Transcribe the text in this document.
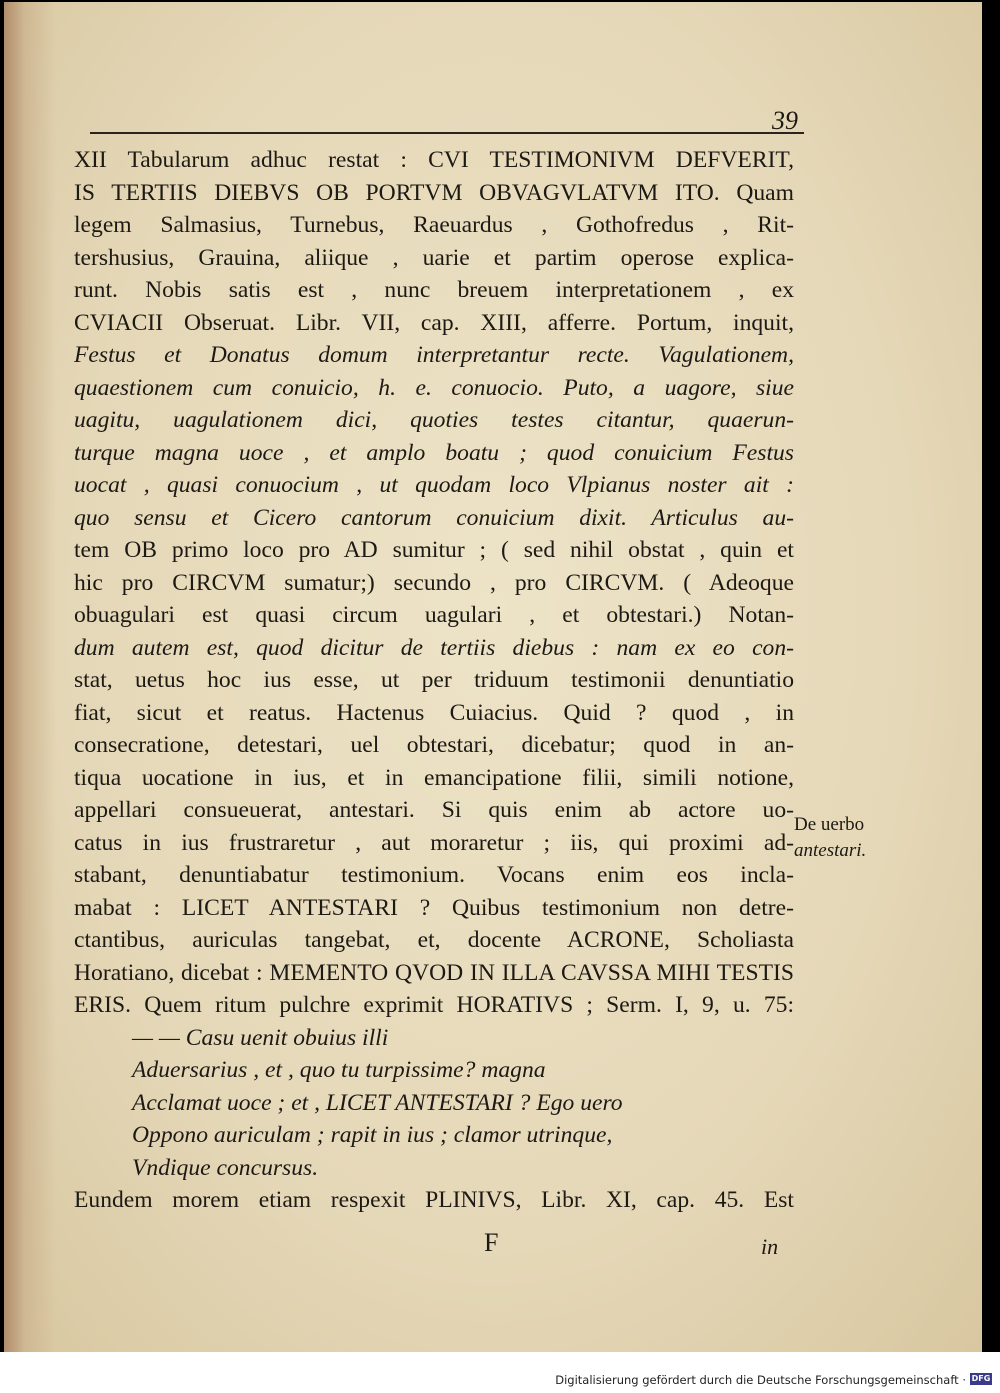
39
XII Tabularum adhuc restat : CVI TESTIMONIVM DEFVERIT,
IS TERTIIS DIEBVS OB PORTVM OBVAGVLATVM ITO. Quam
legem Salmasius, Turnebus, Raeuardus , Gothofredus , Rit-
tershusius, Grauina, aliique , uarie et partim operose explica-
runt. Nobis satis est , nunc breuem interpretationem , ex
CVIACII Obseruat. Libr. VII, cap. XIII, afferre. Portum, inquit,
Festus et Donatus domum interpretantur recte. Vagulationem,
quaestionem cum conuicio, h. e. conuocio. Puto, a uagore, siue
uagitu, uagulationem dici, quoties testes citantur, quaerun-
turque magna uoce , et amplo boatu ; quod conuicium Festus
uocat , quasi conuocium , ut quodam loco Vlpianus noster ait :
quo sensu et Cicero cantorum conuicium dixit. Articulus au-
tem OB primo loco pro AD sumitur ; ( sed nihil obstat , quin et
hic pro CIRCVM sumatur;) secundo , pro CIRCVM. ( Adeoque
obuagulari est quasi circum uagulari , et obtestari.) Notan-
dum autem est, quod dicitur de tertiis diebus : nam ex eo con-
stat, uetus hoc ius esse, ut per triduum testimonii denuntiatio
fiat, sicut et reatus. Hactenus Cuiacius. Quid ? quod , in
consecratione, detestari, uel obtestari, dicebatur; quod in an-
tiqua uocatione in ius, et in emancipatione filii, simili notione,
appellari consueuerat, antestari. Si quis enim ab actore uo-
catus in ius frustraretur , aut moraretur ; iis, qui proximi ad-
stabant, denuntiabatur testimonium. Vocans enim eos incla-
mabat : LICET ANTESTARI ? Quibus testimonium non detre-
ctantibus, auriculas tangebat, et, docente ACRONE, Scholiasta
Horatiano, dicebat : MEMENTO QVOD IN ILLA CAVSSA MIHI TESTIS
ERIS. Quem ritum pulchre exprimit HORATIVS ; Serm. I, 9, u. 75:
— — Casu uenit obuius illi
Aduersarius , et , quo tu turpissime? magna
Acclamat uoce ; et , LICET ANTESTARI ? Ego uero
Oppono auriculam ; rapit in ius ; clamor utrinque,
Vndique concursus.
Eundem morem etiam respexit PLINIVS, Libr. XI, cap. 45. Est
De uerbo
antestari.
F	in
Digitalisierung gefördert durch die Deutsche Forschungsgemeinschaft · DFG
